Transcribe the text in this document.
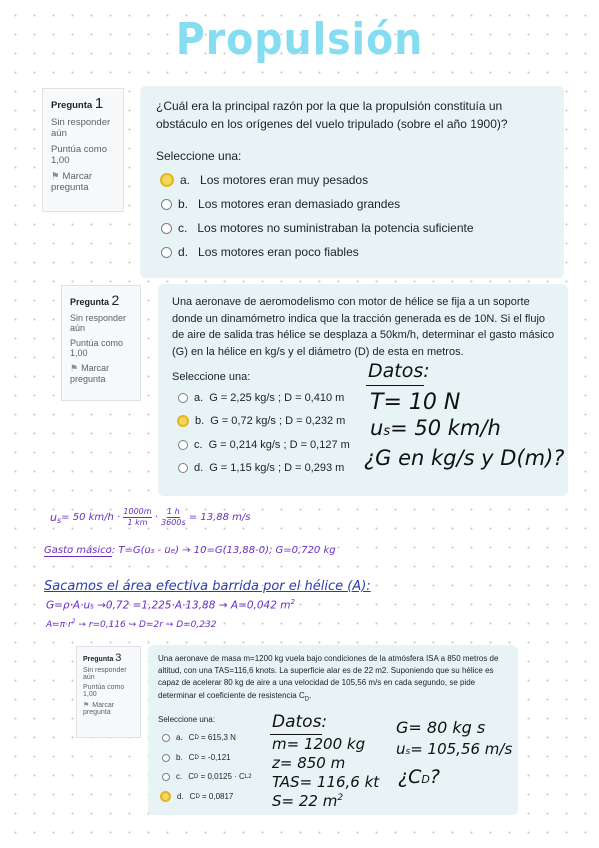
Propulsión
Pregunta 1
Sin responder aún
Puntúa como 1,00
⚑ Marcar pregunta
¿Cuál era la principal razón por la que la propulsión constituía un obstáculo en los orígenes del vuelo tripulado (sobre el año 1900)?
Seleccione una:
a. Los motores eran muy pesados
b. Los motores eran demasiado grandes
c. Los motores no suministraban la potencia suficiente
d. Los motores eran poco fiables
Pregunta 2
Sin responder aún
Puntúa como 1,00
⚑ Marcar pregunta
Una aeronave de aeromodelismo con motor de hélice se fija a un soporte donde un dinamómetro indica que la tracción generada es de 10N. Si el flujo de aire de salida tras hélice se desplaza a 50km/h, determinar el gasto másico (G) en la hélice en kg/s y el diámetro (D) de esta en metros.
Seleccione una:
a. G = 2,25 kg/s ; D = 0,410 m
b. G = 0,72 kg/s ; D = 0,232 m
c. G = 0,214 kg/s ; D = 0,127 m
d. G = 1,15 kg/s ; D = 0,293 m
Datos:
T= 10 N
us= 50 km/h
¿G en kg/s y D(m)?
u s = 50 km/h ·
1000m
1 km · $\frac{1 h}{3600s} = 13,88$ m/s
Gasto másico: T=G(us - ue) → 10=G(13,88-0); G=0,720 kg
Sacamos el área efectiva barrida por el hélice (A):
G=ρ·A·us →0,72 =1,225·A·13,88 → A=0,042 $m^2$
$A=\pi\cdot r^2 \to r=0,116 \to D=2r \to D=0,232$
Pregunta 3
Sin responder aún
Puntúa como 1,00
⚑ Marcar pregunta
Una aeronave de masa m=1200 kg vuela bajo condiciones de la atmósfera ISA a 850 metros de altitud, con una TAS=116,6 knots. La superficie alar es de 22 m2. Suponiendo que su hélice es capaz de acelerar 80 kg de aire a una velocidad de 105,56 m/s en cada segundo, se pide determinar el coeficiente de resistencia $C_D$.
Seleccione una:
a. C D = 615,3 N
b. C D = -0,121
c. C D = 0,0125 · C L 2
d. C D = 0,0817
Datos:
m= 1200 kg
z= 850 m
TAS= 116,6 kt
S= 22 $m^2$
G= 80 kg s
us= 105,56 m/s
¿CD?
